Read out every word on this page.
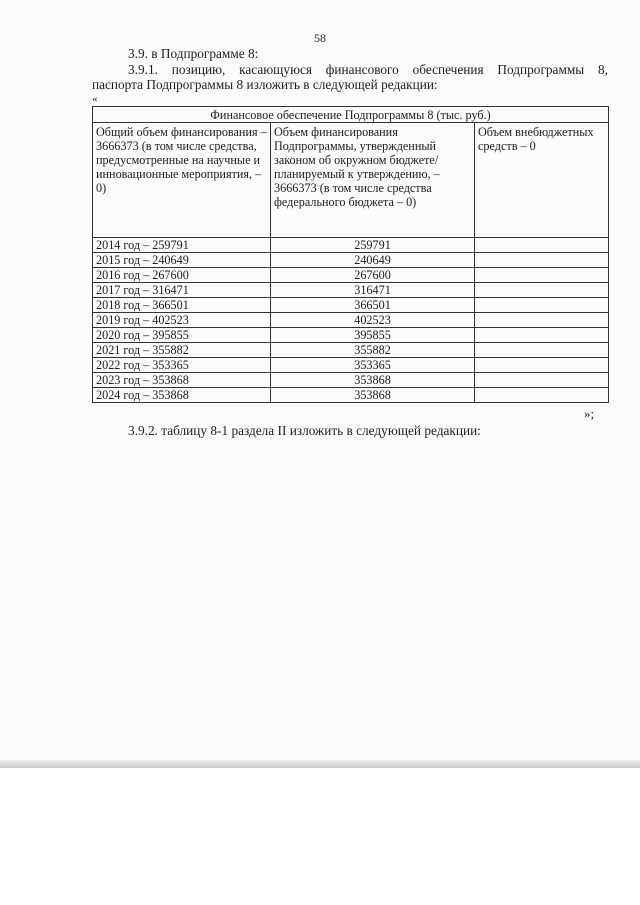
58
3.9. в Подпрограмме 8:
3.9.1. позицию, касающуюся финансового обеспечения Подпрограммы 8,
паспорта Подпрограммы 8 изложить в следующей редакции:
«
Финансовое обеспечение Подпрограммы 8 (тыс. руб.)		
Общий объем финансирования – 3666373 (в том числе средства, предусмотренные на научные и инновационные мероприятия, – 0)	Объем финансирования Подпрограммы, утвержденный законом об окружном бюджете/планируемый к утверждению, – 3666373 (в том числе средства федерального бюджета – 0)	Объем внебюджетных средств – 0
2014 год – 259791	259791	
2015 год – 240649	240649	
2016 год – 267600	267600	
2017 год – 316471	316471	
2018 год – 366501	366501	
2019 год – 402523	402523	
2020 год – 395855	395855	
2021 год – 355882	355882	
2022 год – 353365	353365	
2023 год – 353868	353868	
2024 год – 353868	353868	
»;
3.9.2. таблицу 8-1 раздела II изложить в следующей редакции:
